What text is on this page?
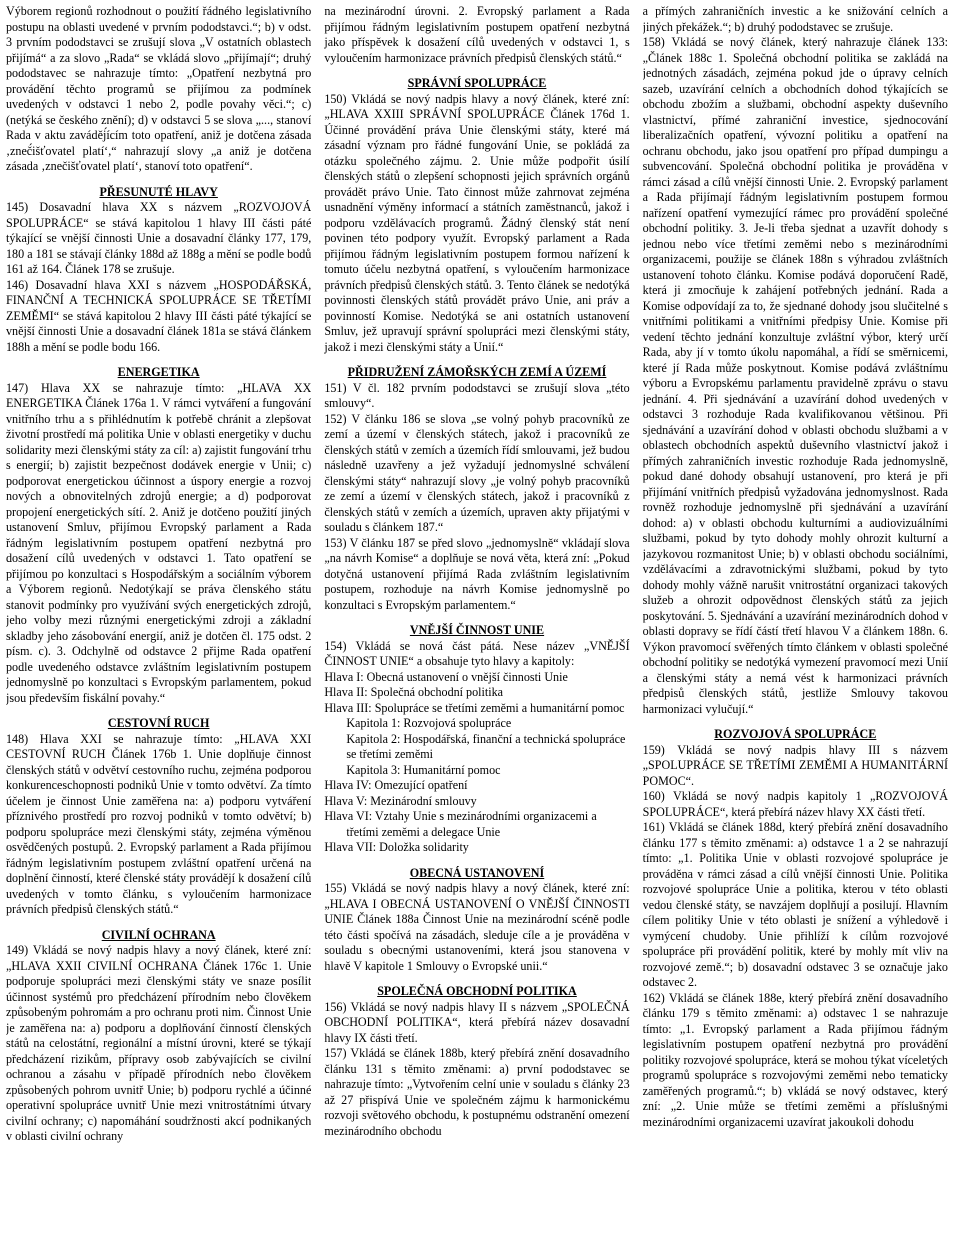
Výborem regionů rozhodnout o použití řádného legislativního postupu na oblasti uvedené v prvním pododstavci.“; b) v odst. 3 prvním pododstavci se zrušují slova „V ostatních oblastech přijímá“ a za slovo „Rada“ se vkládá slovo „přijímají“; druhý pododstavec se nahrazuje tímto: „Opatření nezbytná pro provádění těchto programů se přijímou za podmínek uvedených v odstavci 1 nebo 2, podle povahy věci.“; c) (netýká se českého znění); d) v odstavci 5 se slova „..., stanoví Rada v aktu zaváděj́ícím toto opatření, aniž je dotčena zásada ‚zneč́išťovatel platí‘,“ nahrazují slovy „a aniž je dotčena zásada ‚znečišťovatel platí‘, stanoví toto opatření“.

PŘESUNUTÉ HLAVY

145) Dosavadní hlava XX s názvem „ROZVOJOVÁ SPOLUPRÁCE“ se stává kapitolou 1 hlavy III části páté týkající se vnější činnosti Unie a dosavadní články 177, 179, 180 a 181 se stávají články 188d až 188g a mění se podle bodů 161 až 164. Článek 178 se zrušuje.

146) Dosavadní hlava XXI s názvem „HOSPODÁŘSKÁ, FINANČNÍ A TECHNICKÁ SPOLUPRÁCE SE TŘETÍMI ZEMĚMI“ se stává kapitolou 2 hlavy III části páté týkající se vnější činnosti Unie a dosavadní článek 181a se stává článkem 188h a mění se podle bodu 166.

ENERGETIKA

147) Hlava XX se nahrazuje tímto: „HLAVA XX ENERGETIKA Článek 176a 1. V rámci vytváření a fungování vnitřního trhu a s přihlédnutím k potřebě chránit a zlepšovat životní prostředí má politika Unie v oblasti energetiky v duchu solidarity mezi členskými státy za cíl: a) zajistit fungování trhu s energií; b) zajistit bezpečnost dodávek energie v Unii; c) podporovat energetickou účinnost a úspory energie a rozvoj nových a obnovitelných zdrojů energie; a d) podporovat propojení energetických sítí. 2. Aniž je dotčeno použití jiných ustanovení Smluv, přijímou Evropský parlament a Rada řádným legislativním postupem opatření nezbytná pro dosažení cílů uvedených v odstavci 1. Tato opatření se přijímou po konzultaci s Hospodářským a sociálním výborem a Výborem regionů. Nedotýkají se práva členského státu stanovit podmínky pro využívání svých energetických zdrojů, jeho volby mezi různými energetickými zdroji a základní skladby jeho zásobování energií, aniž je dotčen čl. 175 odst. 2 písm. c). 3. Odchylně od odstavce 2 přijme Rada opatření podle uvedeného odstavce zvláštním legislativním postupem jednomyslně po konzultaci s Evropským parlamentem, pokud jsou především fiskální povahy.“

CESTOVNÍ RUCH

148) Hlava XXI se nahrazuje tímto: „HLAVA XXI CESTOVNÍ RUCH Článek 176b 1. Unie doplňuje činnost členských států v odvětví cestovního ruchu, zejména podporou konkurenceschopnosti podniků Unie v tomto odvětví. Za tímto účelem je činnost Unie zaměřena na: a) podporu vytváření příznivého prostředí pro rozvoj podniků v tomto odvětví; b) podporu spolupráce mezi členskými státy, zejména výměnou osvědčených postupů. 2. Evropský parlament a Rada přijímou řádným legislativním postupem zvláštní opatření určená na doplnění činností, které členské státy provádějí k dosažení cílů uvedených v tomto článku, s vyloučením harmonizace právních předpisů členských států.“

CIVILNÍ OCHRANA

149) Vkládá se nový nadpis hlavy a nový článek, které zní: „HLAVA XXII CIVILNÍ OCHRANA Článek 176c 1. Unie podporuje spolupráci mezi členskými státy ve snaze posílit účinnost systémů pro předcházení přírodním nebo člověkem způsobeným pohromám a pro ochranu proti nim. Činnost Unie je zaměřena na: a) podporu a doplňování činností členských států na celostátní, regionální a místní úrovni, které se týkají předcházení rizikům, přípravy osob zabývajících se civilní ochranou a zásahu v případě přírodních nebo člověkem způsobených pohrom uvnitř Unie; b) podporu rychlé a účinné operativní spolupráce uvnitř Unie mezi vnitrostátními útvary civilní ochrany; c) napomáhání soudržnosti akcí podnikaných v oblasti civilní ochrany

na mezinárodní úrovni. 2. Evropský parlament a Rada přijímou řádným legislativním postupem opatření nezbytná jako příspěvek k dosažení cílů uvedených v odstavci 1, s vyloučením harmonizace právních předpisů členských států.“

SPRÁVNÍ SPOLUPRÁCE

150) Vkládá se nový nadpis hlavy a nový článek, které zní: „HLAVA XXIII SPRÁVNÍ SPOLUPRÁCE Článek 176d 1. Účinné provádění práva Unie členskými státy, které má zásadní význam pro řádné fungování Unie, se pokládá za otázku společného zájmu. 2. Unie může podpořit úsilí členských států o zlepšení schopnosti jejich správních orgánů provádět právo Unie. Tato činnost může zahrnovat zejména usnadnění výměny informací a státních zaměstnanců, jakož i podporu vzdělávacích programů. Žádný členský stát není povinen této podpory využít. Evropský parlament a Rada přijímou řádným legislativním postupem formou nařízení k tomuto účelu nezbytná opatření, s vyloučením harmonizace právních předpisů členských států. 3. Tento článek se nedotýká povinnosti členských států provádět právo Unie, ani práv a povinností Komise. Nedotýká se ani ostatních ustanovení Smluv, jež upravují správní spolupráci mezi členskými státy, jakož i mezi členskými státy a Unií.“

PŘIDRUŽENÍ ZÁMOŘSKÝCH ZEMÍ A ÚZEMÍ

151) V čl. 182 prvním pododstavci se zrušují slova „této smlouvy“.

152) V článku 186 se slova „se volný pohyb pracovníků ze zemí a území v členských státech, jakož i pracovníků ze členských států v zemích a územích řídí smlouvami, jež budou následně uzavřeny a jež vyžadují jednomyslné schválení členskými státy“ nahrazují slovy „je volný pohyb pracovníků ze zemí a území v členských státech, jakož i pracovníků z členských států v zemích a územích, upraven akty přijatými v souladu s článkem 187.“

153) V článku 187 se před slovo „jednomyslně“ vkládají slova „na návrh Komise“ a doplňuje se nová věta, která zní: „Pokud dotyčná ustanovení přijímá Rada zvláštním legislativním postupem, rozhoduje na návrh Komise jednomyslně po konzultaci s Evropským parlamentem.“

VNĚJŠÍ ČINNOST UNIE

154) Vkládá se nová část pátá. Nese název „VNĚJŠÍ ČINNOST UNIE“ a obsahuje tyto hlavy a kapitoly:

Hlava I: Obecná ustanovení o vnější činnosti Unie

Hlava II: Společná obchodní politika

Hlava III: Spolupráce se třetími zeměmi a humanitární pomoc

Kapitola 1: Rozvojová spolupráce

Kapitola 2: Hospodářská, finanční a technická spolupráce se třetími zeměmi

Kapitola 3: Humanitární pomoc

Hlava IV: Omezující opatření

Hlava V: Mezinárodní smlouvy

Hlava VI: Vztahy Unie s mezinárodními organizacemi a třetími zeměmi a delegace Unie

Hlava VII: Doložka solidarity

OBECNÁ USTANOVENÍ

155) Vkládá se nový nadpis hlavy a nový článek, které zní: „HLAVA I OBECNÁ USTANOVENÍ O VNĚJŠÍ ČINNOSTI UNIE Článek 188a Činnost Unie na mezinárodní scéně podle této části spočívá na zásadách, sleduje cíle a je prováděna v souladu s obecnými ustanoveními, která jsou stanovena v hlavě V kapitole 1 Smlouvy o Evropské unii.“

SPOLEČNÁ OBCHODNÍ POLITIKA

156) Vkládá se nový nadpis hlavy II s názvem „SPOLEČNÁ OBCHODNÍ POLITIKA“, která přebírá název dosavadní hlavy IX části třetí.

157) Vkládá se článek 188b, který přebírá znění dosavadního článku 131 s těmito změnami: a) první pododstavec se nahrazuje tímto: „Vytvořením celní unie v souladu s články 23 až 27 přispívá Unie ve společném zájmu k harmonickému rozvoji světového obchodu, k postupnému odstranění omezení mezinárodního obchodu

a přímých zahraničních investic a ke snižování celních a jiných překážek.“; b) druhý pododstavec se zrušuje.

158) Vkládá se nový článek, který nahrazuje článek 133: „Článek 188c 1. Společná obchodní politika se zakládá na jednotných zásadách, zejména pokud jde o úpravy celních sazeb, uzavírání celních a obchodních dohod týkajících se obchodu zbožím a službami, obchodní aspekty duševního vlastnictví, přímé zahraniční investice, sjednocování liberalizačních opatření, vývozní politiku a opatření na ochranu obchodu, jako jsou opatření pro případ dumpingu a subvencování. Společná obchodní politika je prováděna v rámci zásad a cílů vnější činnosti Unie. 2. Evropský parlament a Rada přijímají řádným legislativním postupem formou nařízení opatření vymezující rámec pro provádění společné obchodní politiky. 3. Je-li třeba sjednat a uzavřít dohody s jednou nebo více třetími zeměmi nebo s mezinárodními organizacemi, použije se článek 188n s výhradou zvláštních ustanovení tohoto článku. Komise podává doporučení Radě, která ji zmocňuje k zahájení potřebných jednání. Rada a Komise odpovídají za to, že sjednané dohody jsou slučitelné s vnitřními politikami a vnitřními předpisy Unie. Komise při vedení těchto jednání konzultuje zvláštní výbor, který určí Rada, aby jí v tomto úkolu napomáhal, a řídí se směrnicemi, které jí Rada může poskytnout. Komise podává zvláštnímu výboru a Evropskému parlamentu pravidelně zprávu o stavu jednání. 4. Při sjednávání a uzavírání dohod uvedených v odstavci 3 rozhoduje Rada kvalifikovanou většinou. Při sjednávání a uzavírání dohod v oblasti obchodu službami a v oblastech obchodních aspektů duševního vlastnictví jakož i přímých zahraničních investic rozhoduje Rada jednomyslně, pokud dané dohody obsahují ustanovení, pro která je při přijímání vnitřních předpisů vyžadována jednomyslnost. Rada rovněž rozhoduje jednomyslně při sjednávání a uzavírání dohod: a) v oblasti obchodu kulturními a audiovizuálními službami, pokud by tyto dohody mohly ohrozit kulturní a jazykovou rozmanitost Unie; b) v oblasti obchodu sociálními, vzdělávacími a zdravotnickými službami, pokud by tyto dohody mohly vážně narušit vnitrostátní organizaci takových služeb a ohrozit odpovědnost členských států za jejich poskytování. 5. Sjednávání a uzavírání mezinárodních dohod v oblasti dopravy se řídí částí třetí hlavou V a článkem 188n. 6. Výkon pravomocí svěřených tímto článkem v oblasti společné obchodní politiky se nedotýká vymezení pravomocí mezi Unií a členskými státy a nemá vést k harmonizaci právních předpisů členských států, jestliže Smlouvy takovou harmonizaci vylučují.“

ROZVOJOVÁ SPOLUPRÁCE

159) Vkládá se nový nadpis hlavy III s názvem „SPOLUPRÁCE SE TŘETÍMI ZEMĚMI A HUMANITÁRNÍ POMOC“.

160) Vkládá se nový nadpis kapitoly 1 „ROZVOJOVÁ SPOLUPRÁCE“, která přebírá název hlavy XX části třetí.

161) Vkládá se článek 188d, který přebírá znění dosavadního článku 177 s těmito změnami: a) odstavce 1 a 2 se nahrazují tímto: „1. Politika Unie v oblasti rozvojové spolupráce je prováděna v rámci zásad a cílů vnější činnosti Unie. Politika rozvojové spolupráce Unie a politika, kterou v této oblasti vedou členské státy, se navzájem doplňují a posilují. Hlavním cílem politiky Unie v této oblasti je snížení a výhledově i vymýcení chudoby. Unie přihlíží k cílům rozvojové spolupráce při provádění politik, které by mohly mít vliv na rozvojové země.“; b) dosavadní odstavec 3 se označuje jako odstavec 2.

162) Vkládá se článek 188e, který přebírá znění dosavadního článku 179 s těmito změnami: a) odstavec 1 se nahrazuje tímto: „1. Evropský parlament a Rada přijímou řádným legislativním postupem opatření nezbytná pro provádění politiky rozvojové spolupráce, která se mohou týkat víceletých programů spolupráce s rozvojovými zeměmi nebo tematicky zaměřených programů.“; b) vkládá se nový odstavec, který zní: „2. Unie může se třetími zeměmi a příslušnými mezinárodními organizacemi uzavírat jakoukoli dohodu
